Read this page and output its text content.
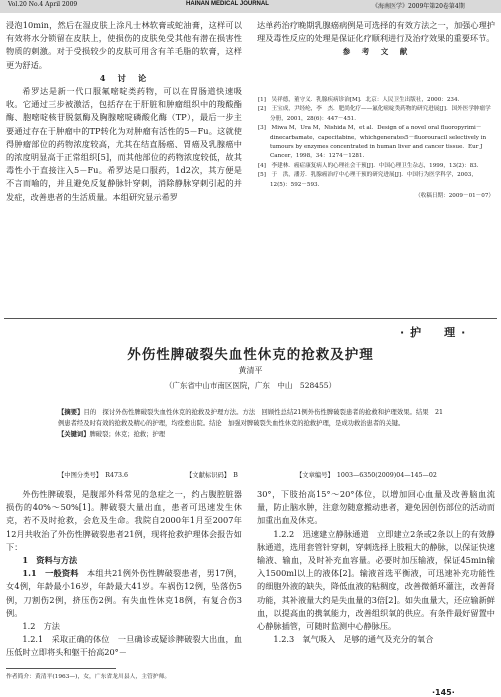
Vol.20 No.4 April 2009	HAINAN MEDICAL JOURNAL	《海南医学》2009年第20卷第4期

浸泡10min，然后在湿皮肤上涂凡士林软膏或蛇油膏，这样可以有效将水分锁留在皮肤上，使损伤的皮肤免受其他有潜在损害性物质的刺激。对于受损较少的皮肤可用含有羊毛脂的软膏，这样更为舒适。

4　讨　论

希罗达是新一代口服氟嘧啶类药物，可以在胃肠道快速吸收。它通过三步被激活，包括存在于肝脏和肿瘤组织中的羧酸酯酶、胞嘧啶核苷脱氨酶及胸腺嘧啶磷酸化酶（TP），最后一步主要通过存在于肿瘤中的TP转化为对肿瘤有活性的5－Fu。这就使得肿瘤部位的药物浓度较高，尤其在结直肠癌、胃癌及乳腺癌中的浓度明显高于正常组织[5]，而其他部位的药物浓度较低，故其毒性小于直接注入5－Fu。希罗达是口服药，1d2次，其方便是不言而喻的，并且避免反复静脉针穿刺，消除静脉穿刺引起的并发症，改善患者的生活质量。本组研究显示希罗

达单药治疗晚期乳腺癌病例是可选择的有效方法之一，加强心理护理及毒性反应的处理是保证化疗顺利进行及治疗效果的重要环节。

参　考　文　献

[1]　吴祥德，董守义．乳腺疾病诊治[M]．北京：人民卫生出版社，2000：234.

[2]　王宝成，尹经纶，李　杰．肥尚化疗——氟化嘧啶类药物的研究进展[J]．国外医学肿瘤学分册，2001，28(6)：447－451.

[3]　Miwa M，Ura M，Nishida M，et al．Design of a novel oral fluoropyrimi－dinecarbamate，capecitabine，whichgenerates5－fluorouracil selectively in tumours by enzymes concentrated in human liver and cancer tissue．Eur J Cancer，1998，34：1274－1281.

[4]　李建林．癌症康复病人的心理社会干预[J]．中国心理卫生杂志，1999，13(2)：83.

[5]　于　洪，潘芳．乳腺癌治疗中心理干预的研究进展[J]．中国行为医学科学，2003，12(5)：592－593.

（收稿日期：2009－01－07）

·护　理·
外伤性脾破裂失血性休克的抢救及护理
黄清平
（广东省中山市南区医院，广东　中山　528455）
【摘要】目的　探讨外伤性脾破裂失血性休克的抢救及护理方法。方法　回顾性总结21例外伤性脾破裂患者的抢救和护理效果。结果　21例患者经及时有效的抢救及精心的护理，均痊愈出院。结论　加强对脾破裂失血性休克的抢救护理，是成功救治患者的关键。
【关键词】脾破裂；休克；抢救；护理
【中图分类号】　R473.6	【文献标识码】　B	【文章编号】　1003—6350(2009)04—145—02

外伤性脾破裂，是腹部外科常见的急症之一，约占腹腔脏器损伤的40%～50%[1]。脾破裂大量出血，患者可迅速发生休克，若不及时抢救，会危及生命。我院自2000年1月至2007年12月共收治了外伤性脾破裂患者21例，现将抢救护理体会报告如下：

1　资料与方法

1.1　一般资料　 本组共21例外伤性脾破裂患者，男17例，女4例，年龄最小16岁，年龄最大41岁。车祸伤12例，坠落伤5例，刀割伤2例，挤压伤2例。有失血性休克18例，有复合伤3例。

1.2　方法

1.2.1　采取正确的体位　一旦确诊或疑诊脾破裂大出血，血压低时立即将头和躯干抬高20°－

30°，下肢抬高15°～20°体位，以增加回心血量及改善脑血流量，防止脑水肿，注意勿随意搬动患者，避免因创伤部位的活动而加重出血及休克。

1.2.2　迅速建立静脉通道　立即建立2条或2条以上的有效静脉通道，选用套管针穿刺，穿刺选择上肢粗大的静脉，以保证快速输液、输血，及时补充血容量。必要时加压输液，保证45min输入1500ml以上的液体[2]。输液首选平衡液，可迅速补充功能性的细胞外液的缺失，降低血液的粘稠度，改善微循环灌注，改善肾功能，其补液量大约是失血量的3倍[2]。如失血量大，还应输新鲜血，以提高血的携氧能力，改善组织氧的供应。有条件最好留置中心静脉插管，可随时监测中心静脉压。

1.2.3　氧气吸入　足够的通气及充分的氧合

作者简介：黄清平(1963—)，女，广东省龙川县人，主管护师。
·145·
